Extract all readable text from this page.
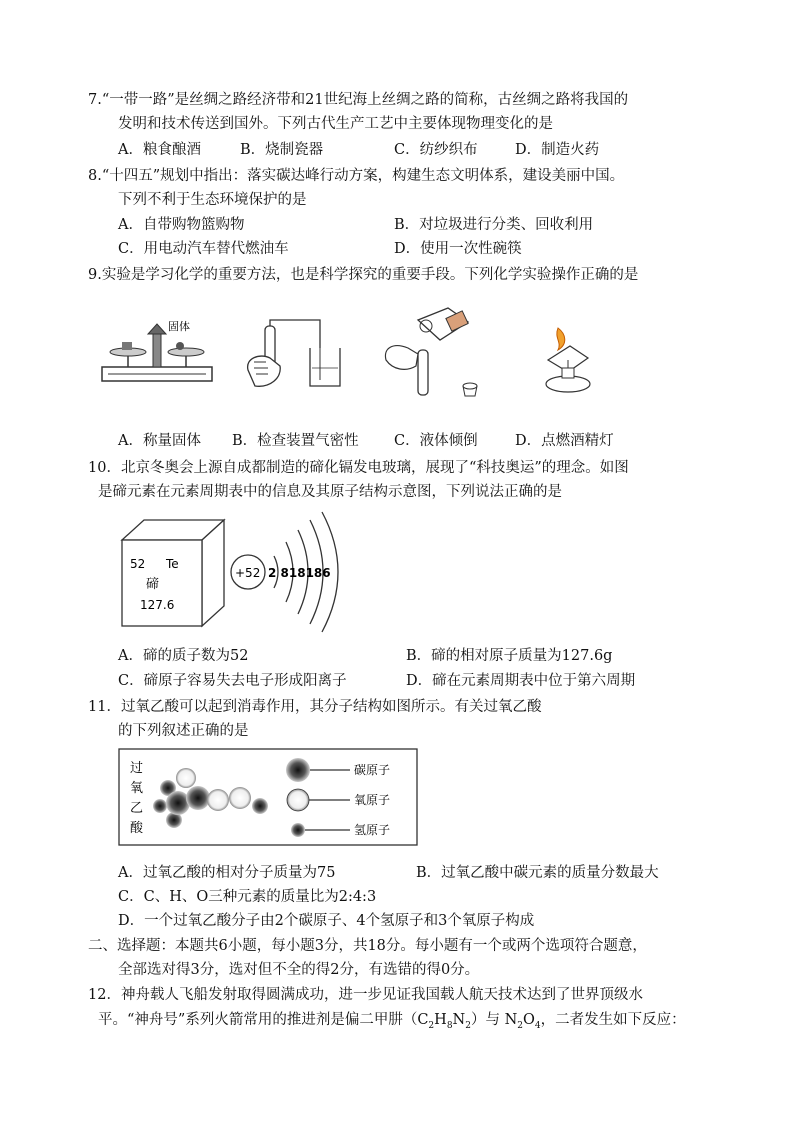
7.“一带一路”是丝绸之路经济带和21世纪海上丝绸之路的简称，古丝绸之路将我国的
发明和技术传送到国外。下列古代生产工艺中主要体现物理变化的是
A．粮食酿酒	B．烧制瓷器	C．纺纱织布	D．制造火药
8.“十四五”规划中指出：落实碳达峰行动方案，构建生态文明体系，建设美丽中国。
下列不利于生态环境保护的是
A．自带购物篮购物	B．对垃圾进行分类、回收利用
C．用电动汽车替代燃油车	D．使用一次性碗筷
9.实验是学习化学的重要方法，也是科学探究的重要手段。下列化学实验操作正确的是
固体
A．称量固体 B．检查装置气密性 C．液体倾倒	D．点燃酒精灯
10．北京冬奥会上源自成都制造的碲化镉发电玻璃，展现了“科技奥运”的理念。如图
是碲元素在元素周期表中的信息及其原子结构示意图，下列说法正确的是
52 Te
碲
127.6
+52 2 818186
A．碲的质子数为52	B．碲的相对原子质量为127.6g
C．碲原子容易失去电子形成阳离子	D．碲在元素周期表中位于第六周期
11．过氧乙酸可以起到消毒作用，其分子结构如图所示。有关过氧乙酸
的下列叙述正确的是
过
氧
乙
酸
碳原子
氧原子
氢原子
A．过氧乙酸的相对分子质量为75	B．过氧乙酸中碳元素的质量分数最大
C．C、H、O三种元素的质量比为2:4:3
D．一个过氧乙酸分子由2个碳原子、4个氢原子和3个氧原子构成
二、选择题：本题共6小题，每小题3分，共18分。每小题有一个或两个选项符合题意，
全部选对得3分，选对但不全的得2分，有选错的得0分。
12．神舟载人飞船发射取得圆满成功，进一步见证我国载人航天技术达到了世界顶级水
平。“神舟号”系列火箭常用的推进剂是偏二甲肼$(C_2H_8N_2)$与 $N_2O_4$，二者发生如下反应：
